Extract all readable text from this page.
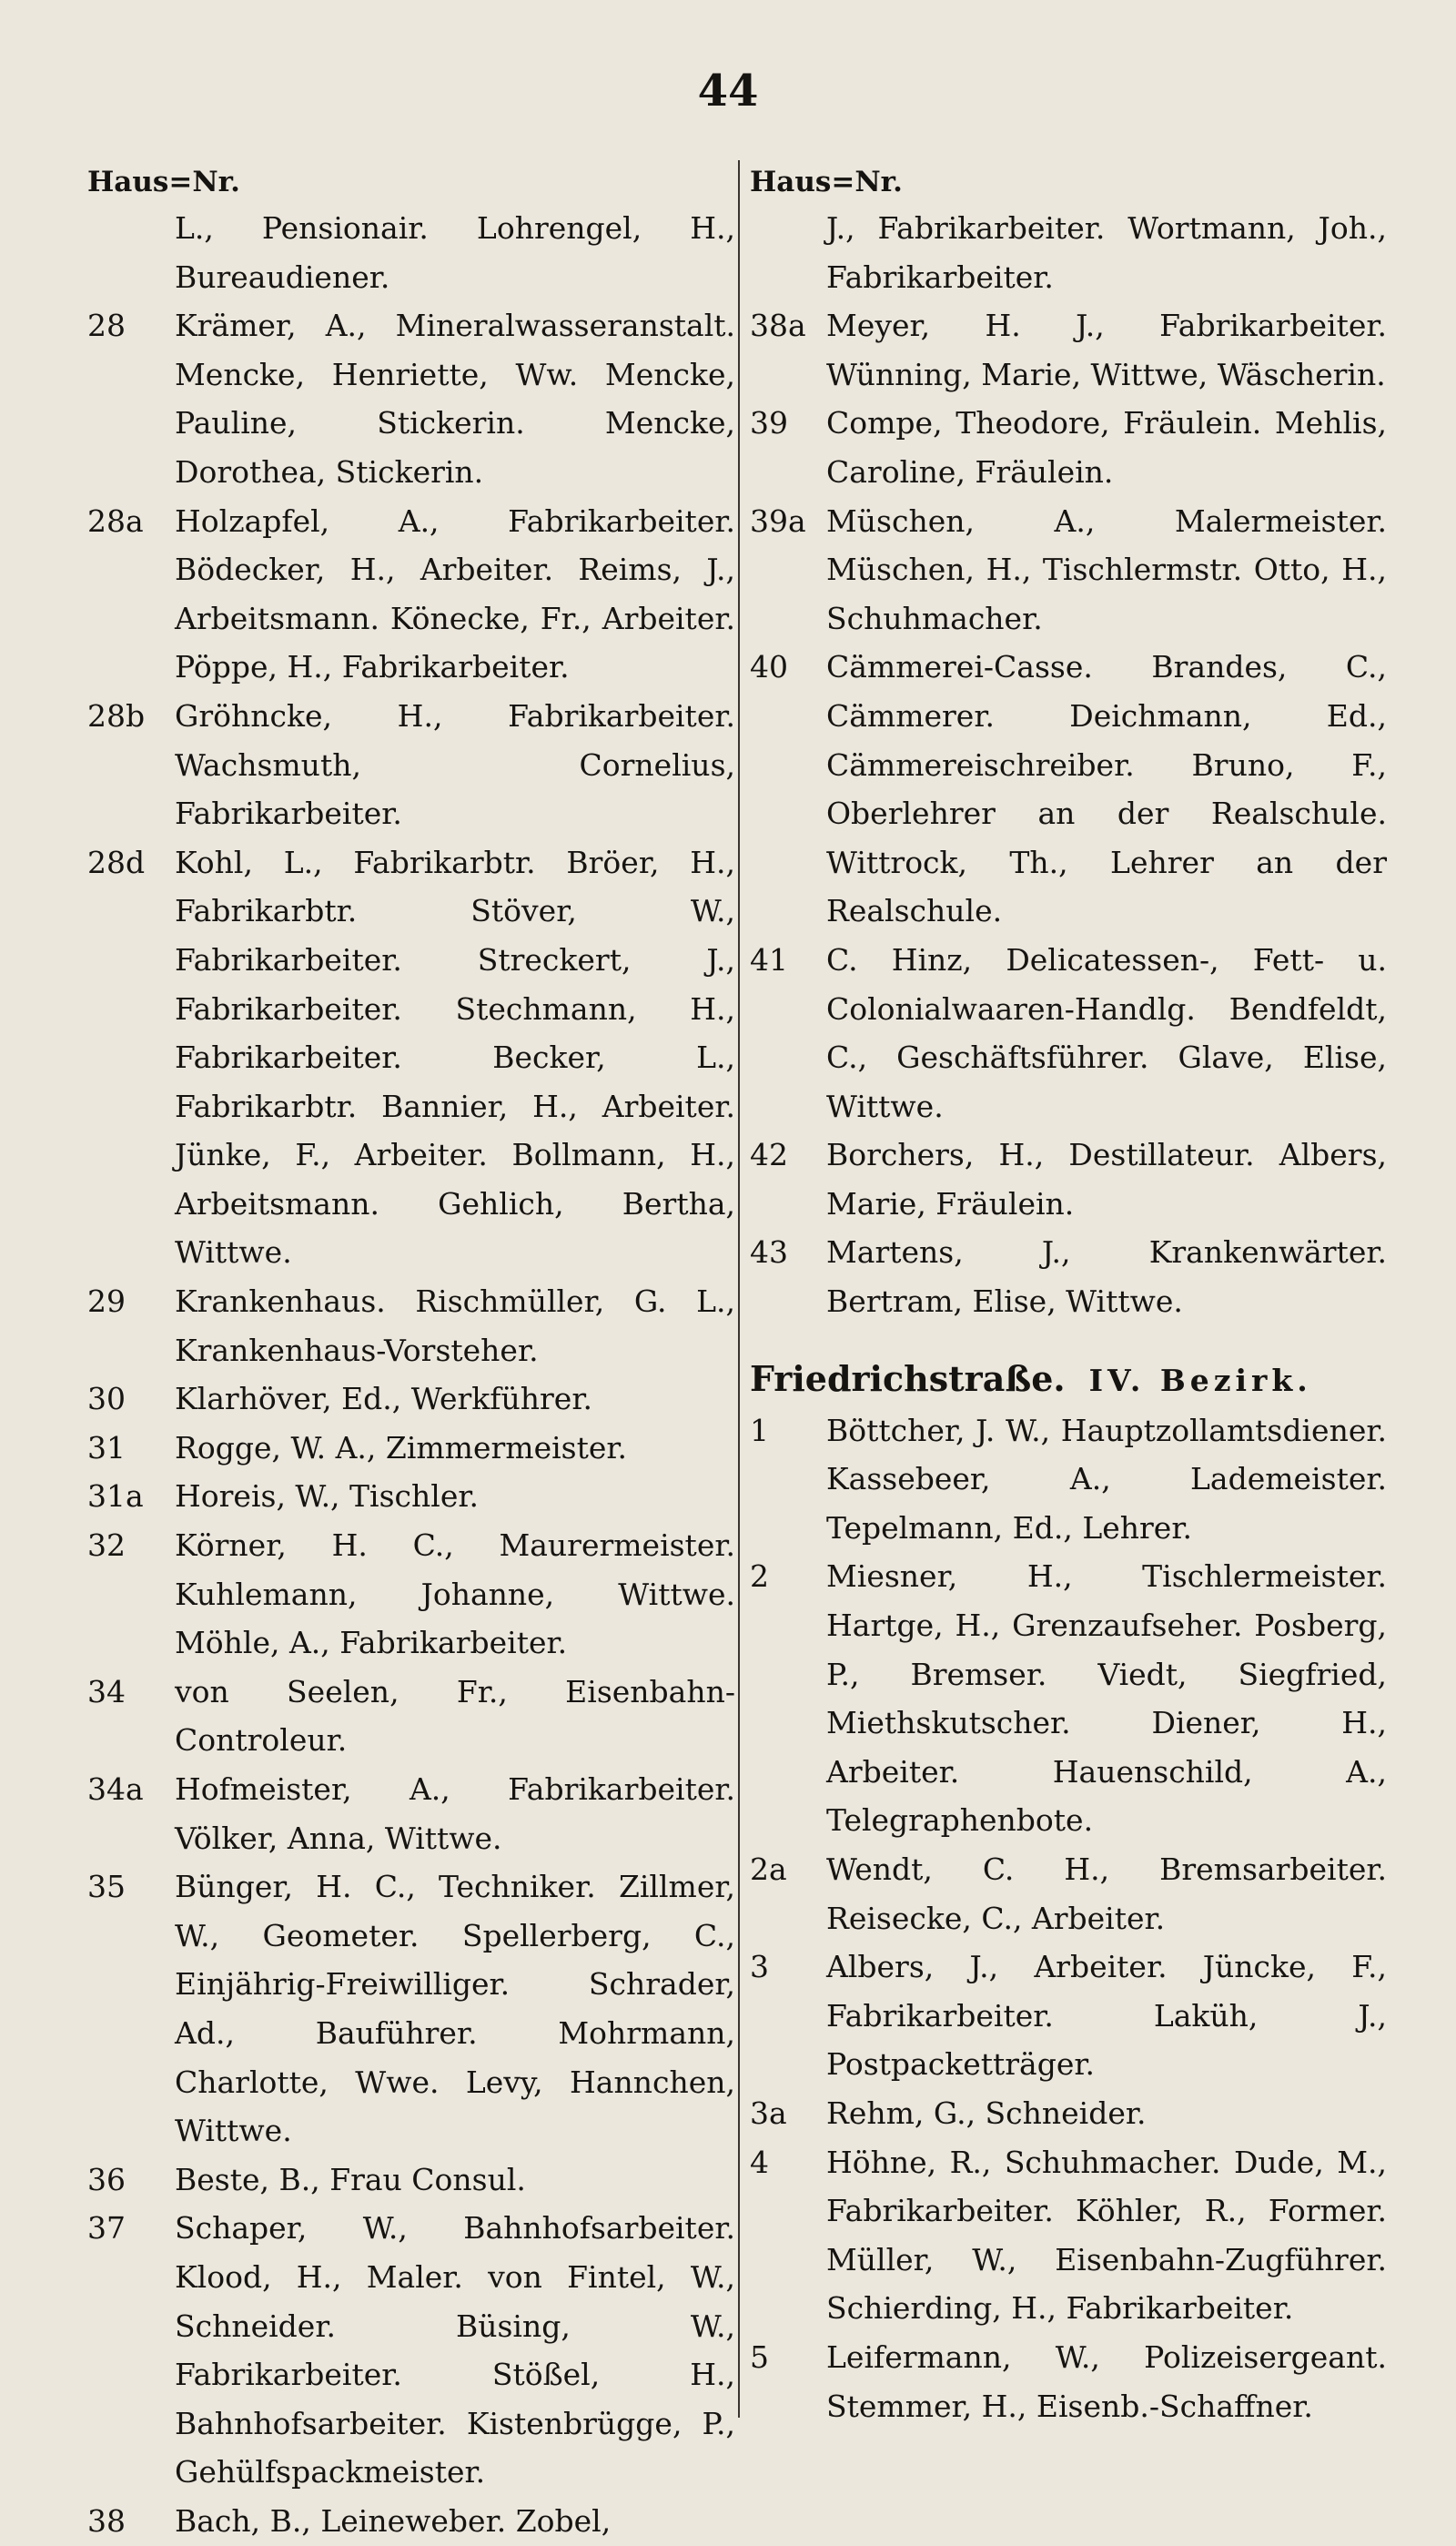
44
Haus=Nr.
L., Pensionair. Lohrengel, H., Bureaudiener.
28	Krämer, A., Mineralwasseranstalt. Mencke, Henriette, Ww. Mencke, Pauline, Stickerin. Mencke, Dorothea, Stickerin.
28a	Holzapfel, A., Fabrikarbeiter. Bödecker, H., Arbeiter. Reims, J., Arbeitsmann. Könecke, Fr., Arbeiter. Pöppe, H., Fabrikarbeiter.
28b Gröhncke, H., Fabrikarbeiter. Wachsmuth, Cornelius, Fabrikarbeiter.
28d Kohl, L., Fabrikarbtr. Bröer, H., Fabrikarbtr. Stöver, W., Fabrikarbeiter. Streckert, J., Fabrikarbeiter. Stechmann, H., Fabrikarbeiter. Becker, L., Fabrikarbtr. Bannier, H., Arbeiter. Jünke, F., Arbeiter. Bollmann, H., Arbeitsmann. Gehlich, Bertha, Wittwe.
29	Krankenhaus. Rischmüller, G. L., Krankenhaus-Vorsteher.
30	Klarhöver, Ed., Werkführer.
31	Rogge, W. A., Zimmermeister.
31a	Horeis, W., Tischler.
32	Körner, H. C., Maurermeister. Kuhlemann, Johanne, Wittwe. Möhle, A., Fabrikarbeiter.
34	von Seelen, Fr., Eisenbahn-Controleur.
34a	Hofmeister, A., Fabrikarbeiter. Völker, Anna, Wittwe.
35	Bünger, H. C., Techniker. Zillmer, W., Geometer. Spellerberg, C., Einjährig-Freiwilliger. Schrader, Ad., Bauführer. Mohrmann, Charlotte, Wwe. Levy, Hannchen, Wittwe.
36	Beste, B., Frau Consul.
37	Schaper, W., Bahnhofsarbeiter. Klood, H., Maler. von Fintel, W., Schneider. Büsing, W., Fabrikarbeiter. Stößel, H., Bahnhofsarbeiter. Kistenbrügge, P., Gehülfspackmeister.
38	Bach, B., Leineweber. Zobel,
Haus=Nr.
J., Fabrikarbeiter. Wortmann, Joh., Fabrikarbeiter.
38a Meyer, H. J., Fabrikarbeiter. Wünning, Marie, Wittwe, Wäscherin.
39	Compe, Theodore, Fräulein. Mehlis, Caroline, Fräulein.
39a Müschen, A., Malermeister. Müschen, H., Tischlermstr. Otto, H., Schuhmacher.
40	Cämmerei-Casse. Brandes, C., Cämmerer. Deichmann, Ed., Cämmereischreiber. Bruno, F., Oberlehrer an der Realschule. Wittrock, Th., Lehrer an der Realschule.
41	C. Hinz, Delicatessen-, Fett- u. Colonialwaaren-Handlg. Bendfeldt, C., Geschäftsführer. Glave, Elise, Wittwe.
42	Borchers, H., Destillateur. Albers, Marie, Fräulein.
43	Martens, J., Krankenwärter. Bertram, Elise, Wittwe.
Friedrichstraße. IV. Bezirk.
1	Böttcher, J. W., Hauptzollamtsdiener. Kassebeer, A., Lademeister. Tepelmann, Ed., Lehrer.
2	Miesner, H., Tischlermeister. Hartge, H., Grenzaufseher. Posberg, P., Bremser. Viedt, Siegfried, Miethskutscher. Diener, H., Arbeiter. Hauenschild, A., Telegraphenbote.
2a	Wendt, C. H., Bremsarbeiter. Reisecke, C., Arbeiter.
3	Albers, J., Arbeiter. Jüncke, F., Fabrikarbeiter. Laküh, J., Postpacketträger.
3a	Rehm, G., Schneider.
4	Höhne, R., Schuhmacher. Dude, M., Fabrikarbeiter. Köhler, R., Former. Müller, W., Eisenbahn-Zugführer. Schierding, H., Fabrikarbeiter.
5	Leifermann, W., Polizeisergeant. Stemmer, H., Eisenb.-Schaffner.
